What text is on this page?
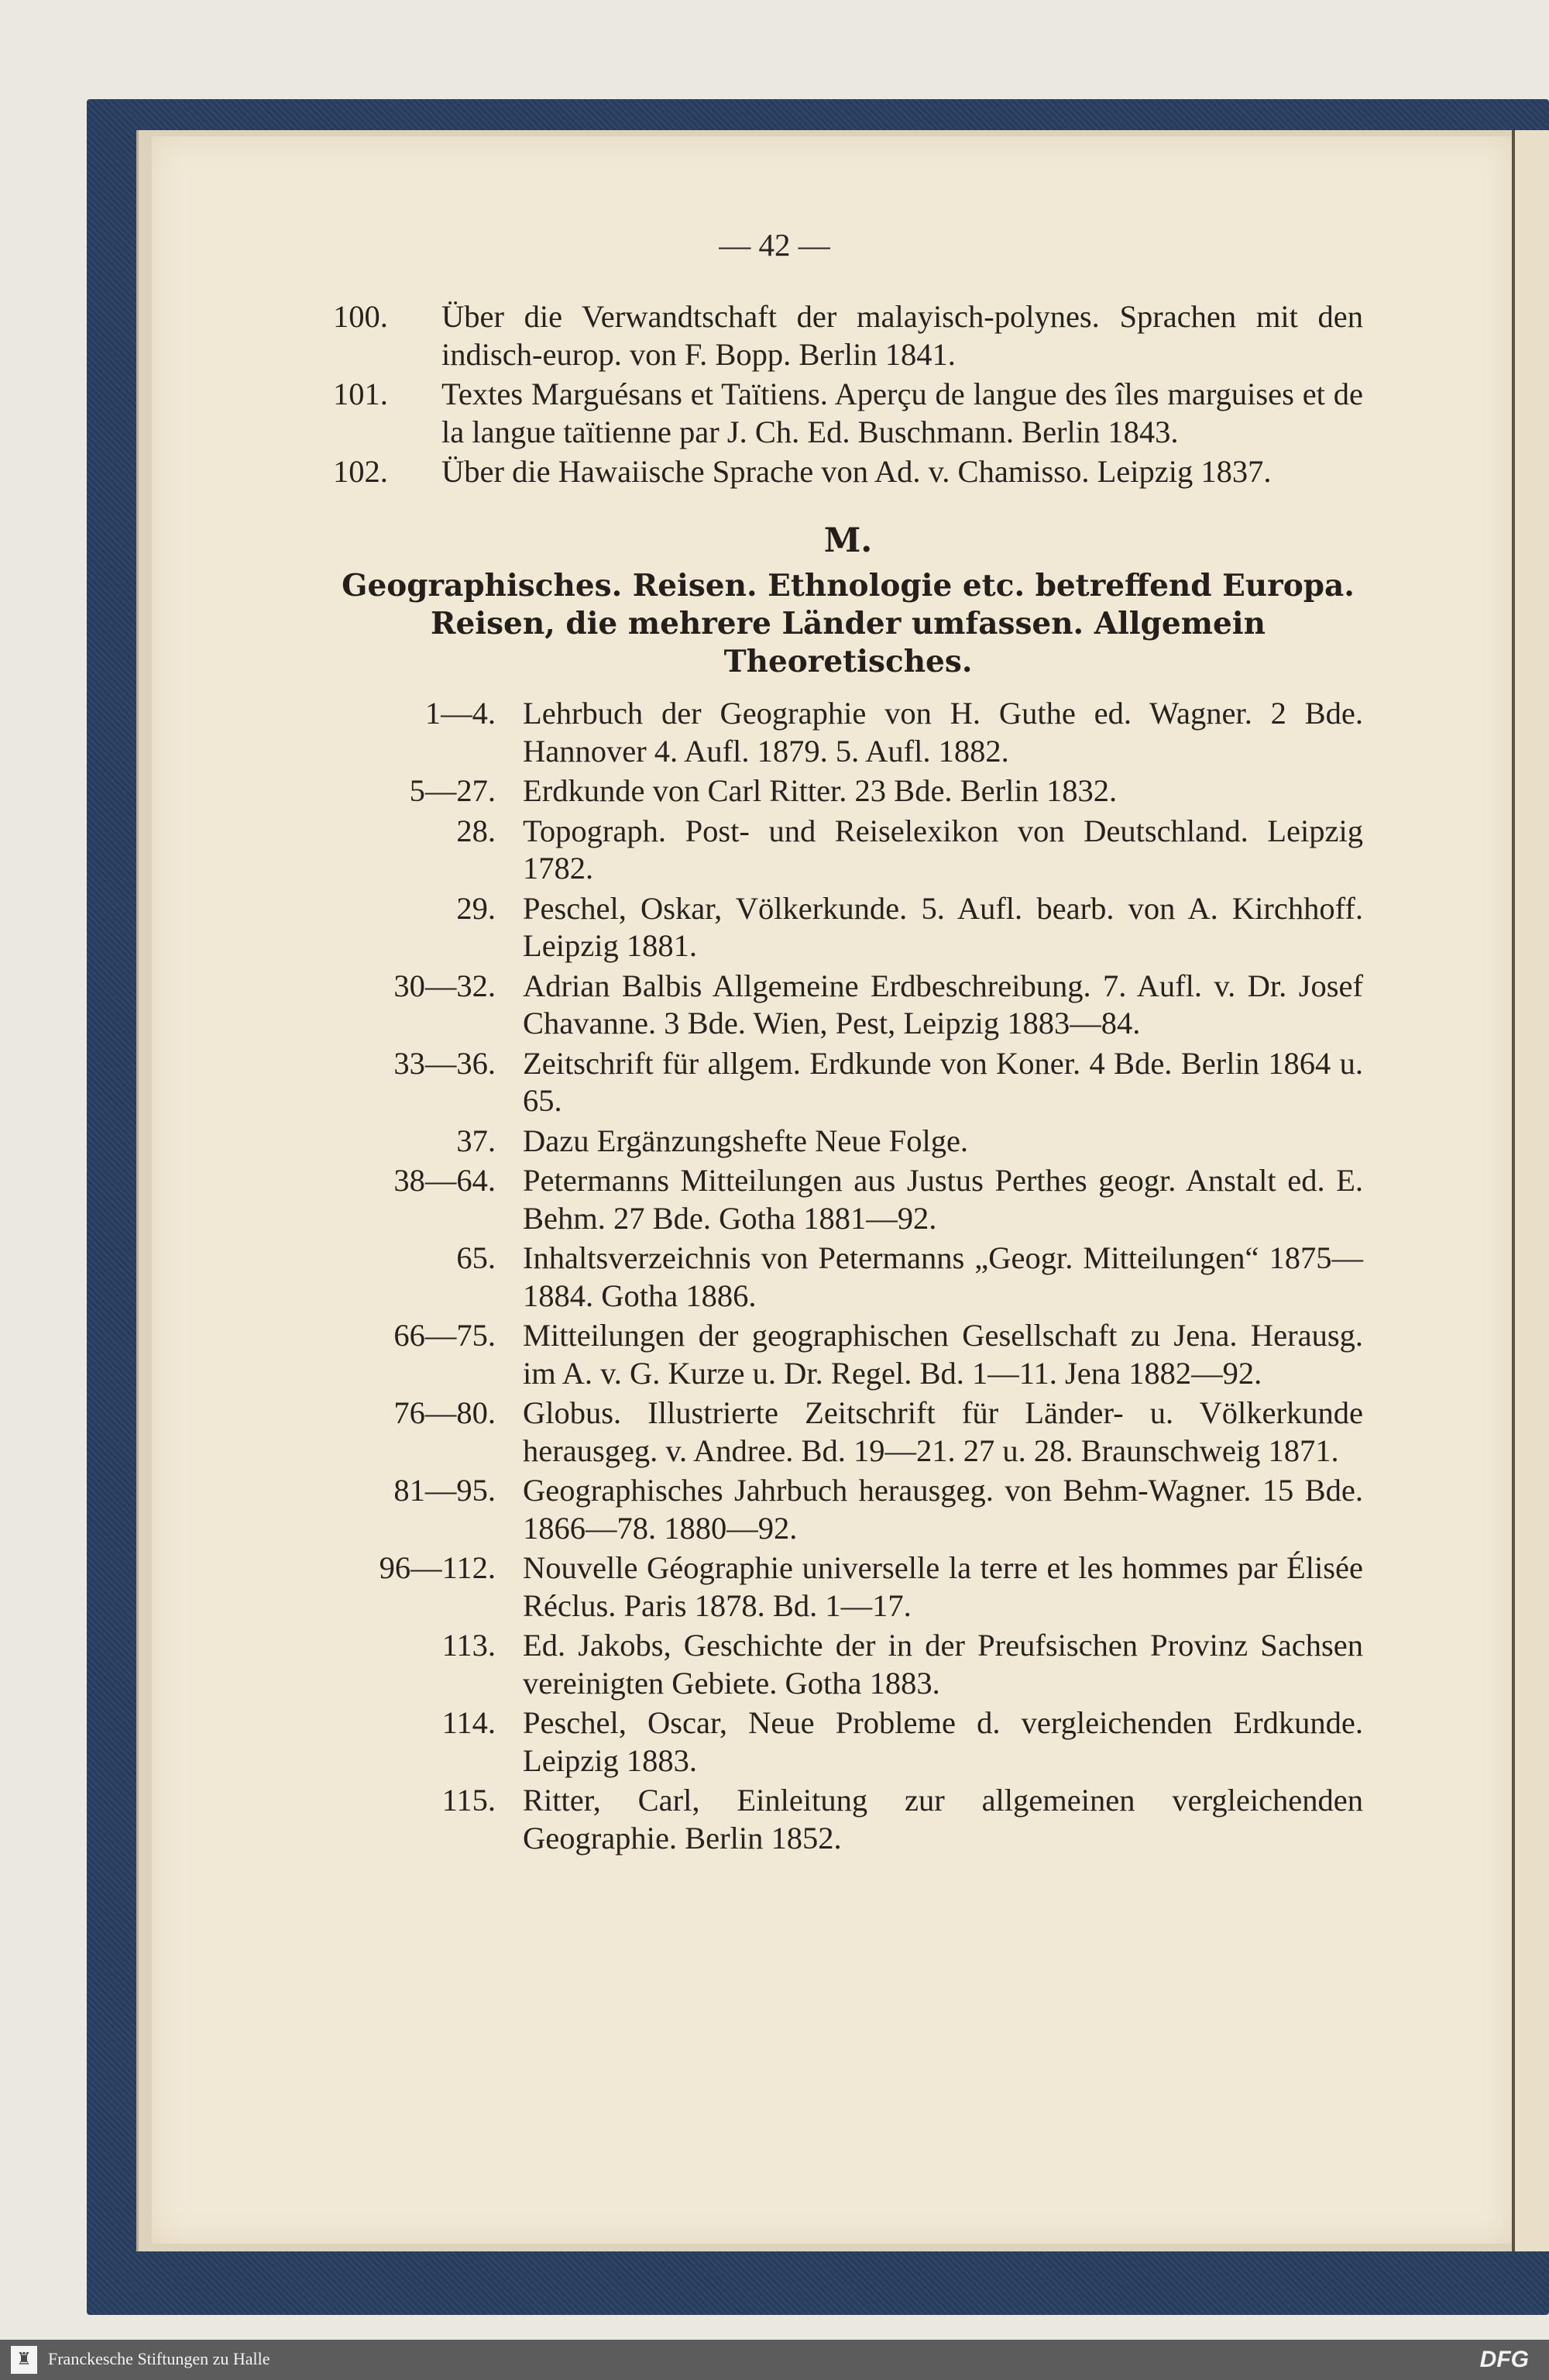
— 42 —
100.	Über die Verwandtschaft der malayisch-polynes. Sprachen mit den indisch-europ. von F. Bopp. Berlin 1841.
101.	Textes Marguésans et Taïtiens. Aperçu de langue des îles marguises et de la langue taïtienne par J. Ch. Ed. Buschmann. Berlin 1843.
102.	Über die Hawaiische Sprache von Ad. v. Chamisso. Leipzig 1837.
M.
Geographisches. Reisen. Ethnologie etc. betreffend Europa.
Reisen, die mehrere Länder umfassen. Allgemein
Theoretisches.
1—4. Lehrbuch der Geographie von H. Guthe ed. Wagner. 2 Bde. Hannover 4. Aufl. 1879. 5. Aufl. 1882.
5—27. Erdkunde von Carl Ritter. 23 Bde. Berlin 1832.
28. Topograph. Post- und Reiselexikon von Deutschland. Leipzig 1782.
29. Peschel, Oskar, Völkerkunde. 5. Aufl. bearb. von A. Kirchhoff. Leipzig 1881.
30—32. Adrian Balbis Allgemeine Erdbeschreibung. 7. Aufl. v. Dr. Josef Chavanne. 3 Bde. Wien, Pest, Leipzig 1883—84.
33—36. Zeitschrift für allgem. Erdkunde von Koner. 4 Bde. Berlin 1864 u. 65.
37. Dazu Ergänzungshefte Neue Folge.
38—64. Petermanns Mitteilungen aus Justus Perthes geogr. Anstalt ed. E. Behm. 27 Bde. Gotha 1881—92.
65. Inhaltsverzeichnis von Petermanns „Geogr. Mitteilungen“ 1875—1884. Gotha 1886.
66—75. Mitteilungen der geographischen Gesellschaft zu Jena. Herausg. im A. v. G. Kurze u. Dr. Regel. Bd. 1—11. Jena 1882—92.
76—80. Globus. Illustrierte Zeitschrift für Länder- u. Völkerkunde herausgeg. v. Andree. Bd. 19—21. 27 u. 28. Braunschweig 1871.
81—95. Geographisches Jahrbuch herausgeg. von Behm-Wagner. 15 Bde. 1866—78. 1880—92.
96—112. Nouvelle Géographie universelle la terre et les hommes par Élisée Réclus. Paris 1878. Bd. 1—17.
113. Ed. Jakobs, Geschichte der in der Preufsischen Provinz Sachsen vereinigten Gebiete. Gotha 1883.
114. Peschel, Oscar, Neue Probleme d. vergleichenden Erdkunde. Leipzig 1883.
115. Ritter, Carl, Einleitung zur allgemeinen vergleichenden Geographie. Berlin 1852.
♜ Franckesche Stiftungen zu Halle	DFG
